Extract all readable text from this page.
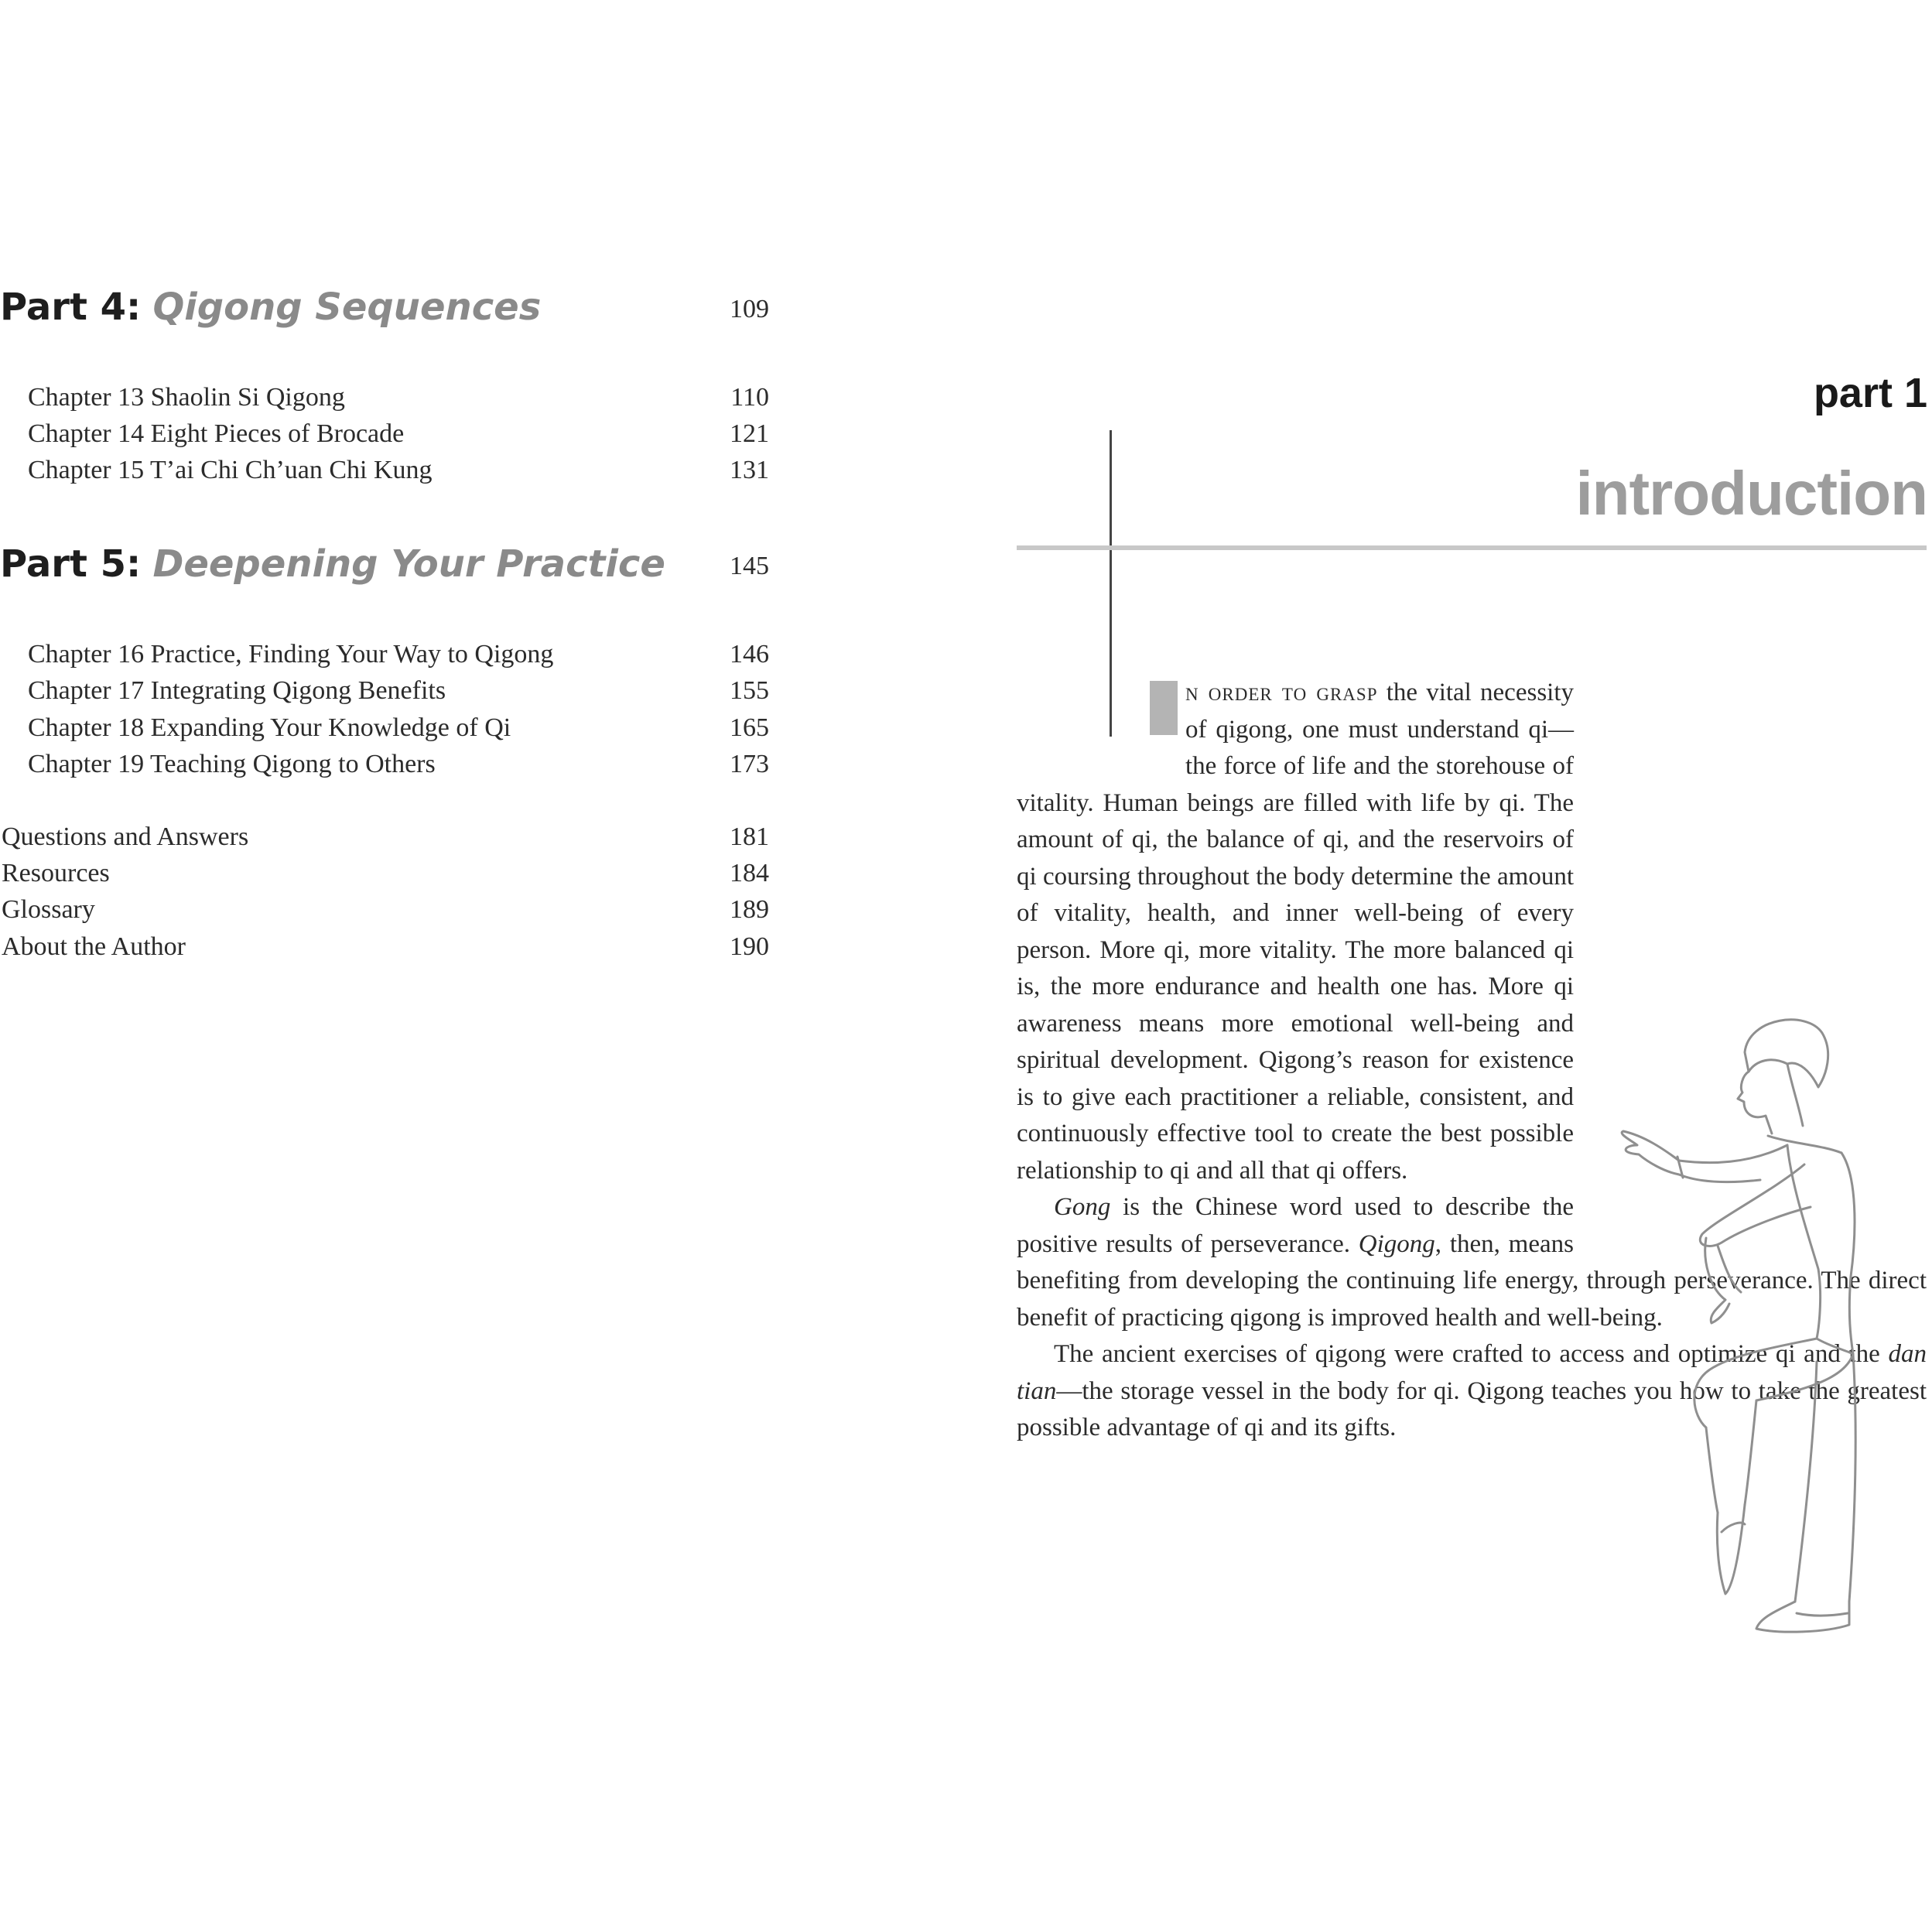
Part 4: Qigong Sequences	109
Chapter 13 Shaolin Si Qigong	110
Chapter 14 Eight Pieces of Brocade	121
Chapter 15 T’ai Chi Ch’uan Chi Kung	131
Part 5: Deepening Your Practice 145
Chapter 16 Practice, Finding Your Way to Qigong	146
Chapter 17 Integrating Qigong Benefits	155
Chapter 18 Expanding Your Knowledge of Qi	165
Chapter 19 Teaching Qigong to Others	173
Questions and Answers	181
Resources	184
Glossary	189
About the Author	190
part 1
introduction

n order to grasp the vital necessity of qigong, one must understand qi—the force of life and the storehouse of vitality. Human beings are filled with life by qi. The amount of qi, the balance of qi, and the reservoirs of qi coursing throughout the body determine the amount of vitality, health, and inner well-being of every person. More qi, more vitality. The more balanced qi is, the more endurance and health one has. More qi awareness means more emotional well-being and spiritual development. Qigong’s reason for existence is to give each practitioner a reliable, consistent, and continuously effective tool to create the best possible relationship to qi and all that qi offers.

Gong is the Chinese word used to describe the positive results of perseverance. Qigong, then, means benefiting from developing the continuing life energy, through perseverance. The direct benefit of practicing qigong is improved health and well-being.

The ancient exercises of qigong were crafted to access and optimize qi and the dan tian—the storage vessel in the body for qi. Qigong teaches you how to take the greatest possible advantage of qi and its gifts.
